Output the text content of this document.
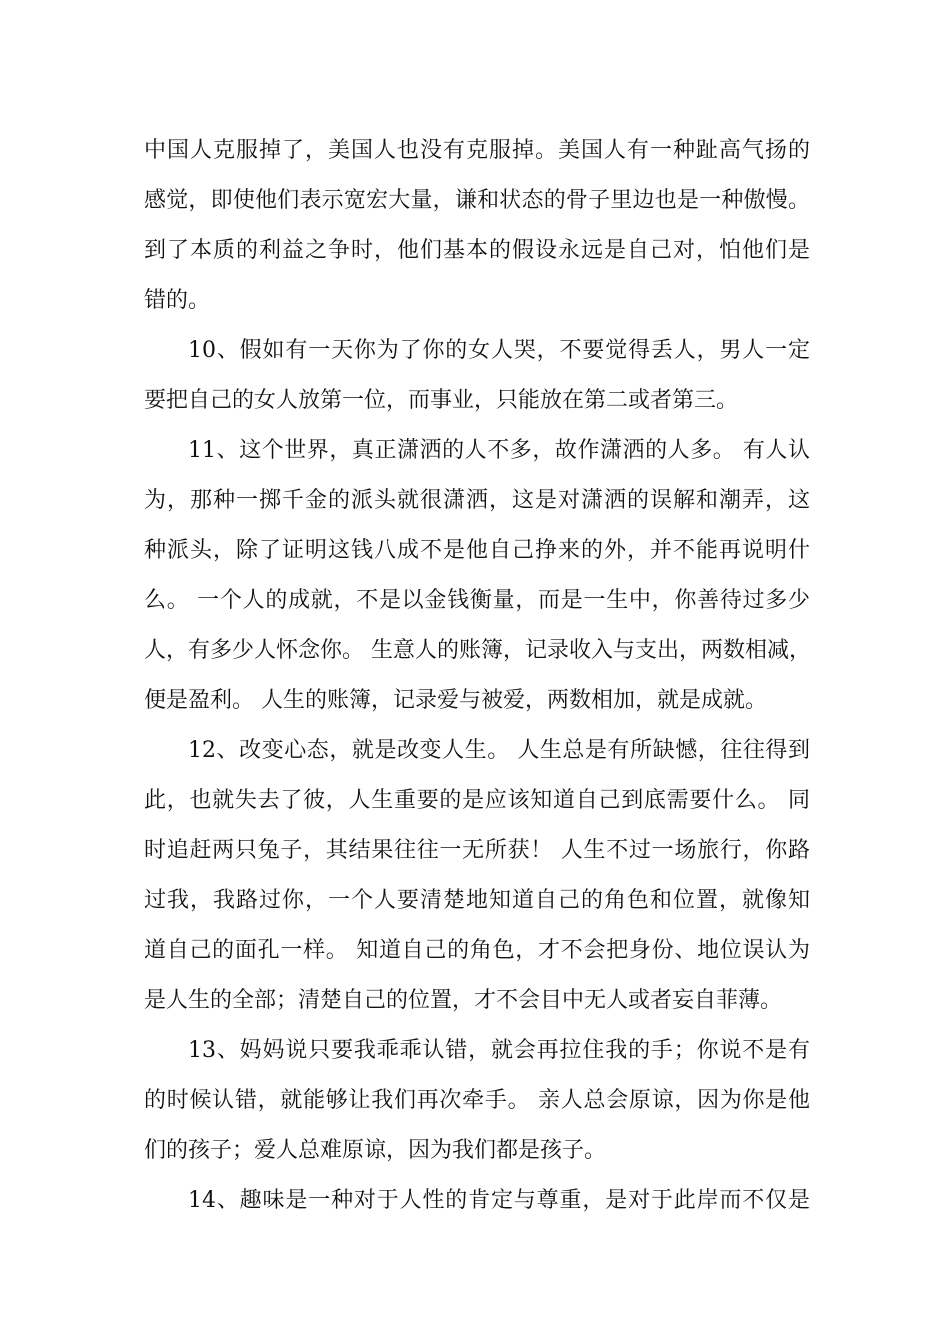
中国人克服掉了，美国人也没有克服掉。美国人有一种趾高气扬的
感觉，即使他们表示宽宏大量，谦和状态的骨子里边也是一种傲慢。
到了本质的利益之争时，他们基本的假设永远是自己对，怕他们是
错的。
10、假如有一天你为了你的女人哭，不要觉得丢人，男人一定
要把自己的女人放第一位，而事业，只能放在第二或者第三。
11、这个世界，真正潇洒的人不多，故作潇洒的人多。 有人认
为，那种一掷千金的派头就很潇洒，这是对潇洒的误解和潮弄，这
种派头，除了证明这钱八成不是他自己挣来的外，并不能再说明什
么。 一个人的成就，不是以金钱衡量，而是一生中，你善待过多少
人，有多少人怀念你。 生意人的账簿，记录收入与支出，两数相减，
便是盈利。 人生的账簿，记录爱与被爱，两数相加，就是成就。
12、改变心态，就是改变人生。 人生总是有所缺憾，往往得到
此，也就失去了彼，人生重要的是应该知道自己到底需要什么。 同
时追赶两只兔子，其结果往往一无所获！ 人生不过一场旅行，你路
过我，我路过你，一个人要清楚地知道自己的角色和位置，就像知
道自己的面孔一样。 知道自己的角色，才不会把身份、地位误认为
是人生的全部；清楚自己的位置，才不会目中无人或者妄自菲薄。
13、妈妈说只要我乖乖认错，就会再拉住我的手；你说不是有
的时候认错，就能够让我们再次牵手。 亲人总会原谅，因为你是他
们的孩子；爱人总难原谅，因为我们都是孩子。
14、趣味是一种对于人性的肯定与尊重，是对于此岸而不仅是
